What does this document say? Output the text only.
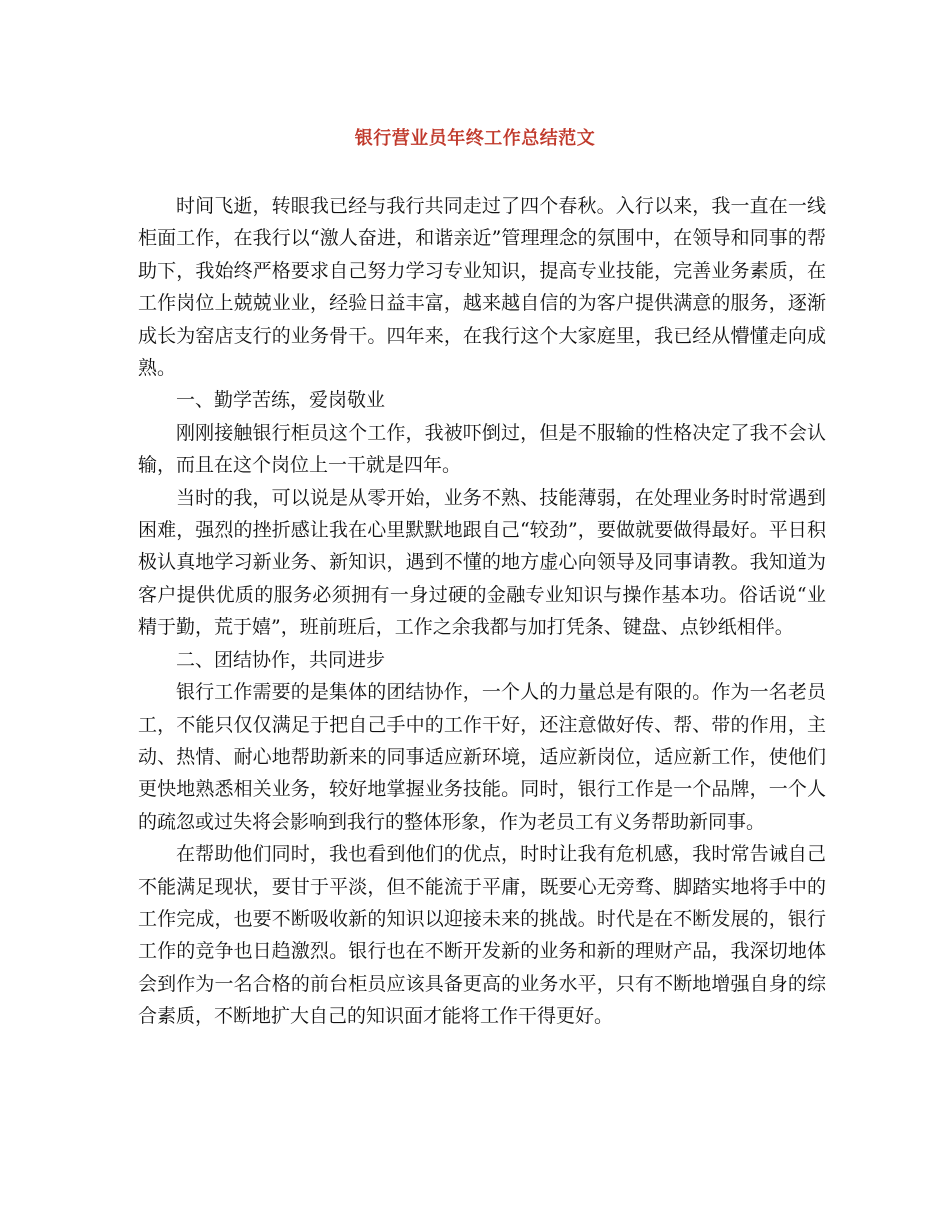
银行营业员年终工作总结范文

时间飞逝，转眼我已经与我行共同走过了四个春秋。入行以来，我一直在一线柜面工作，在我行以“激人奋进，和谐亲近”管理理念的氛围中，在领导和同事的帮助下，我始终严格要求自己努力学习专业知识，提高专业技能，完善业务素质，在工作岗位上兢兢业业，经验日益丰富，越来越自信的为客户提供满意的服务，逐渐成长为窑店支行的业务骨干。四年来，在我行这个大家庭里，我已经从懵懂走向成熟。

一、勤学苦练，爱岗敬业

刚刚接触银行柜员这个工作，我被吓倒过，但是不服输的性格决定了我不会认输，而且在这个岗位上一干就是四年。

当时的我，可以说是从零开始，业务不熟、技能薄弱，在处理业务时时常遇到困难，强烈的挫折感让我在心里默默地跟自己“较劲”，要做就要做得最好。平日积极认真地学习新业务、新知识，遇到不懂的地方虚心向领导及同事请教。我知道为客户提供优质的服务必须拥有一身过硬的金融专业知识与操作基本功。俗话说“业精于勤，荒于嬉”，班前班后，工作之余我都与加打凭条、键盘、点钞纸相伴。

二、团结协作，共同进步

银行工作需要的是集体的团结协作，一个人的力量总是有限的。作为一名老员工，不能只仅仅满足于把自己手中的工作干好，还注意做好传、帮、带的作用，主动、热情、耐心地帮助新来的同事适应新环境，适应新岗位，适应新工作，使他们更快地熟悉相关业务，较好地掌握业务技能。同时，银行工作是一个品牌，一个人的疏忽或过失将会影响到我行的整体形象，作为老员工有义务帮助新同事。

在帮助他们同时，我也看到他们的优点，时时让我有危机感，我时常告诫自己不能满足现状，要甘于平淡，但不能流于平庸，既要心无旁骛、脚踏实地将手中的工作完成，也要不断吸收新的知识以迎接未来的挑战。时代是在不断发展的，银行工作的竞争也日趋激烈。银行也在不断开发新的业务和新的理财产品，我深切地体会到作为一名合格的前台柜员应该具备更高的业务水平，只有不断地增强自身的综合素质，不断地扩大自己的知识面才能将工作干得更好。
